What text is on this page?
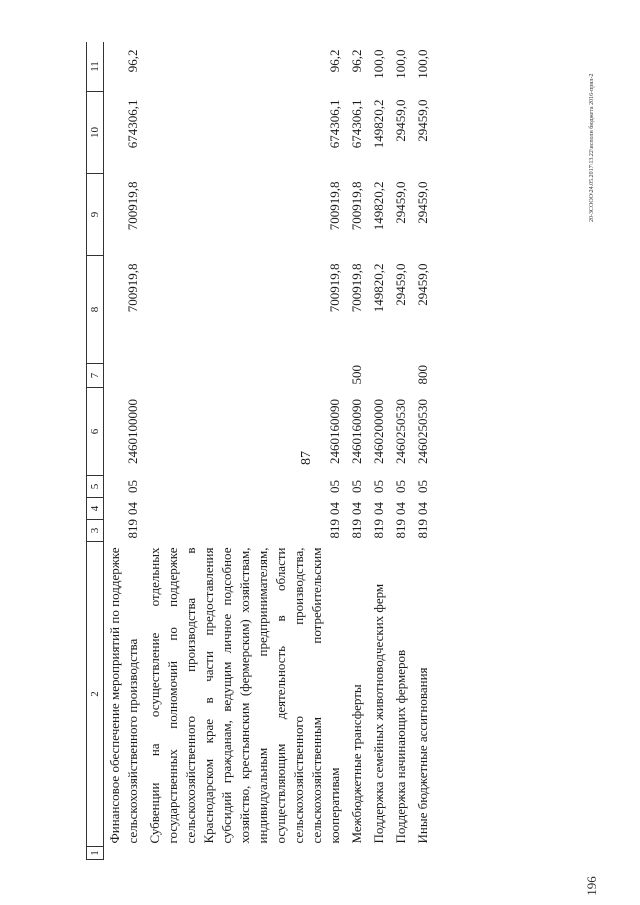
87
196
20-3COOO\24.05.2017\13.22\исполн бюджета 2016-прил-2
1	2	3	4	5	6	7	8	9	10	11
	Финансовое обеспечение мероприятий по поддержке сельскохозяйственного производства	819	04	05	2460100000		700919,8	700919,8	674306,1	96,2
	Субвенции на осуществление отдельных государственных полномочий по поддержке сельскохозяйственного производства в Краснодарском крае в части предоставления субсидий гражданам, ведущим личное подсобное хозяйство, крестьянским (фермерским) хозяйствам, индивидуальным предпринимателям, осуществляющим деятельность в области сельскохозяйственного производства, сельскохозяйственным потребительским кооперативам	819	04	05	2460160090		700919,8	700919,8	674306,1	96,2
	Межбюджетные трансферты	819	04	05	2460160090	500	700919,8	700919,8	674306,1	96,2
	Поддержка семейных животноводческих ферм	819	04	05	2460200000		149820,2	149820,2	149820,2	100,0
	Поддержка начинающих фермеров	819	04	05	2460250530		29459,0	29459,0	29459,0	100,0
	Иные бюджетные ассигнования	819	04	05	2460250530	800	29459,0	29459,0	29459,0	100,0
